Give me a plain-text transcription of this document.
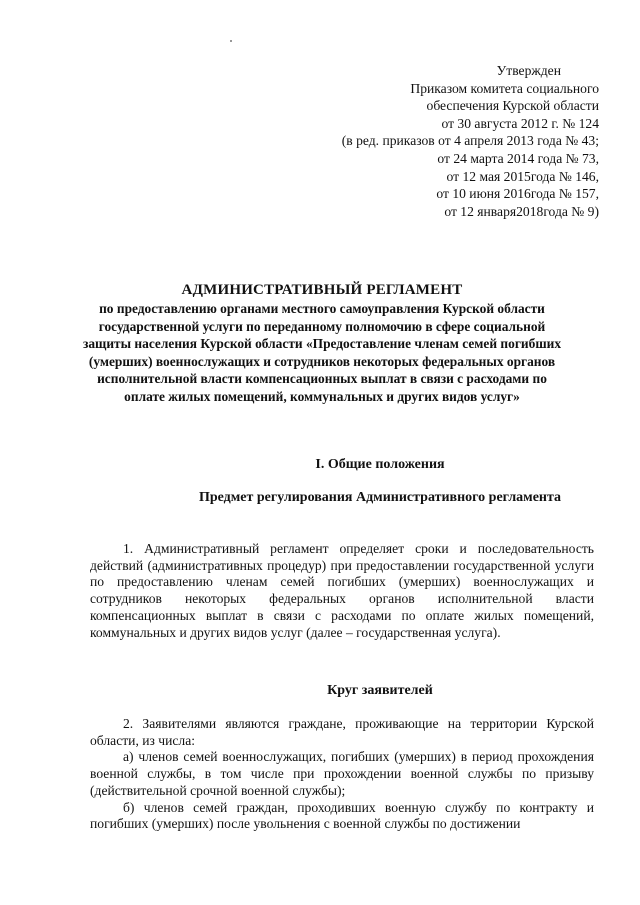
Утвержден
Приказом комитета социального
обеспечения Курской области
от 30 августа 2012 г. № 124
(в ред. приказов от 4 апреля 2013 года № 43;
от 24 марта 2014 года № 73,
от 12 мая 2015года № 146,
от 10 июня 2016года № 157,
от 12 января2018года № 9)
АДМИНИСТРАТИВНЫЙ РЕГЛАМЕНТ
по предоставлению органами местного самоуправления Курской области государственной услуги по переданному полномочию в сфере социальной защиты населения Курской области «Предоставление членам семей погибших (умерших) военнослужащих и сотрудников некоторых федеральных органов исполнительной власти компенсационных выплат в связи с расходами по оплате жилых помещений, коммунальных и других видов услуг»
I. Общие положения
Предмет регулирования Административного регламента

1. Административный регламент определяет сроки и последовательность действий (административных процедур) при предоставлении государственной услуги по предоставлению членам семей погибших (умерших) военнослужащих и сотрудников некоторых федеральных органов исполнительной власти компенсационных выплат в связи с расходами по оплате жилых помещений, коммунальных и других видов услуг (далее – государственная услуга).

Круг заявителей

2. Заявителями являются граждане, проживающие на территории Курской области, из числа:

а) членов семей военнослужащих, погибших (умерших) в период прохождения военной службы, в том числе при прохождении военной службы по призыву (действительной срочной военной службы);

б) членов семей граждан, проходивших военную службу по контракту и погибших (умерших) после увольнения с военной службы по достижении
